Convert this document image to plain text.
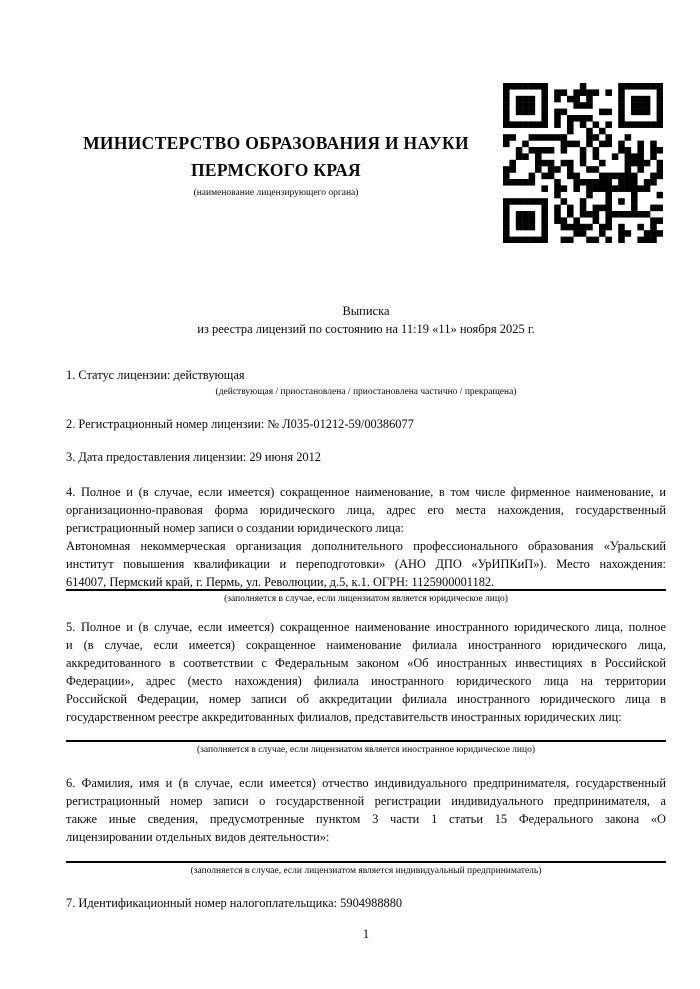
МИНИСТЕРСТВО ОБРАЗОВАНИЯ И НАУКИ
ПЕРМСКОГО КРАЯ
(наименование лицензирующего органа)
Выписка
из реестра лицензий по состоянию на 11:19 «11» ноября 2025 г.
1. Статус лицензии: действующая
(действующая / приостановлена / приостановлена частично / прекращена)
2. Регистрационный номер лицензии: № Л035-01212-59/00386077
3. Дата предоставления лицензии: 29 июня 2012
4. Полное и (в случае, если имеется) сокращенное наименование, в том числе фирменное наименование, и
организационно-правовая форма юридического лица, адрес его места нахождения, государственный
регистрационный номер записи о создании юридического лица:
Автономная некоммерческая организация дополнительного профессионального образования «Уральский
институт повышения квалификации и переподготовки» (АНО ДПО «УрИПКиП»). Место нахождения:
614007, Пермский край, г. Пермь, ул. Революции, д.5, к.1. ОГРН: 1125900001182.
(заполняется в случае, если лицензиатом является юридическое лицо)
5. Полное и (в случае, если имеется) сокращенное наименование иностранного юридического лица, полное
и (в случае, если имеется) сокращенное наименование филиала иностранного юридического лица,
аккредитованного в соответствии с Федеральным законом «Об иностранных инвестициях в Российской
Федерации», адрес (место нахождения) филиала иностранного юридического лица на территории
Российской Федерации, номер записи об аккредитации филиала иностранного юридического лица в
государственном реестре аккредитованных филиалов, представительств иностранных юридических лиц:
(заполняется в случае, если лицензиатом является иностранное юридическое лицо)
6. Фамилия, имя и (в случае, если имеется) отчество индивидуального предпринимателя, государственный
регистрационный номер записи о государственной регистрации индивидуального предпринимателя, а
также иные сведения, предусмотренные пунктом 3 части 1 статьи 15 Федерального закона «О
лицензировании отдельных видов деятельности»:
(заполняется в случае, если лицензиатом является индивидуальный предприниматель)
7. Идентификационный номер налогоплательщика: 5904988880
1
